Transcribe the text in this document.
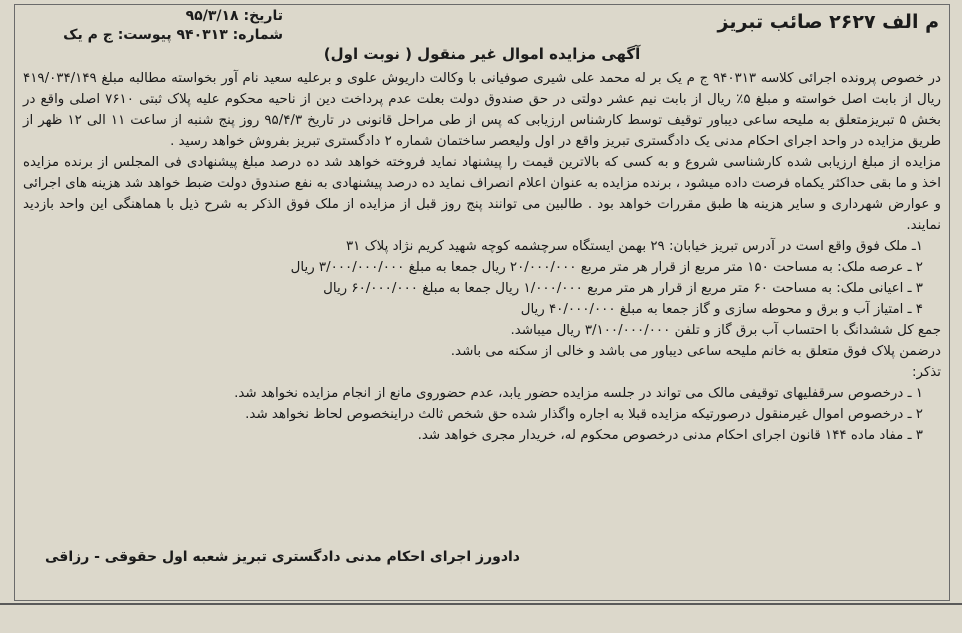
م الف ۲۶۲۷ صائب تبریز
تاریخ: ۹۵/۳/۱۸
شماره: ۹۴۰۳۱۳ پیوست: ج م یک
آگهی مزایده اموال غیر منقول ( نوبت اول)

در خصوص پرونده اجرائی کلاسه ۹۴۰۳۱۳ ج م یک بر له محمد علی شیری صوفیانی با وکالت داریوش علوی و برعلیه سعید نام آور بخواسته مطالبه مبلغ ۴۱۹/۰۳۴/۱۴۹ ریال از بابت اصل خواسته و مبلغ ۵٪ ریال از بابت نیم عشر دولتی در حق صندوق دولت بعلت عدم پرداخت دین از ناحیه محکوم علیه پلاک ثبتی ۷۶۱۰ اصلی واقع در بخش ۵ تبریزمتعلق به ملیحه ساعی دیباور توقیف توسط کارشناس ارزیابی که پس از طی مراحل قانونی در تاریخ ۹۵/۴/۳ روز پنج شنبه از ساعت ۱۱ الی ۱۲ ظهر از طریق مزایده در واحد اجرای احکام مدنی یک دادگستری تبریز واقع در اول ولیعصر ساختمان شماره ۲ دادگستری تبریز بفروش خواهد رسید .

مزایده از مبلغ ارزیابی شده کارشناسی شروع و به کسی که بالاترین قیمت را پیشنهاد نماید فروخته خواهد شد ده درصد مبلغ پیشنهادی فی المجلس از برنده مزایده اخذ و ما بقی حداکثر یکماه فرصت داده میشود ، برنده مزایده به عنوان اعلام انصراف نماید ده درصد پیشنهادی به نفع صندوق دولت ضبط خواهد شد هزینه های اجرائی و عوارض شهرداری و سایر هزینه ها طبق مقررات خواهد بود . طالبین می توانند پنج روز قبل از مزایده از ملک فوق الذکر به شرح ذیل با هماهنگی این واحد بازدید نمایند.

۱ـ ملک فوق واقع است در آدرس تبریز خیابان: ۲۹ بهمن ایستگاه سرچشمه کوچه شهید کریم نژاد پلاک ۳۱
۲ ـ عرصه ملک: به مساحت ۱۵۰ متر مربع از قرار هر متر مربع ۲۰/۰۰۰/۰۰۰ ریال جمعا به مبلغ ۳/۰۰۰/۰۰۰/۰۰۰ ریال
۳ ـ اعیانی ملک: به مساحت ۶۰ متر مربع از قرار هر متر مربع ۱/۰۰۰/۰۰۰ ریال جمعا به مبلغ ۶۰/۰۰۰/۰۰۰ ریال
۴ ـ امتیاز آب و برق و محوطه سازی و گاز جمعا به مبلغ ۴۰/۰۰۰/۰۰۰ ریال
جمع کل ششدانگ با احتساب آب برق گاز و تلفن ۳/۱۰۰/۰۰۰/۰۰۰ ریال میباشد.
درضمن پلاک فوق متعلق به خانم ملیحه ساعی دیباور می باشد و خالی از سکنه می باشد.
تذکر:
۱ ـ درخصوص سرقفلیهای توقیفی مالک می تواند در جلسه مزایده حضور یابد، عدم حضوروی مانع از انجام مزایده نخواهد شد.
۲ ـ درخصوص اموال غیرمنقول درصورتیکه مزایده قبلا به اجاره واگذار شده حق شخص ثالث دراینخصوص لحاظ نخواهد شد.
۳ ـ مفاد ماده ۱۴۴ قانون اجرای احکام مدنی درخصوص محکوم له، خریدار مجری خواهد شد.
دادورز اجرای احکام مدنی دادگستری تبریز شعبه اول حقوقی - رزاقی
